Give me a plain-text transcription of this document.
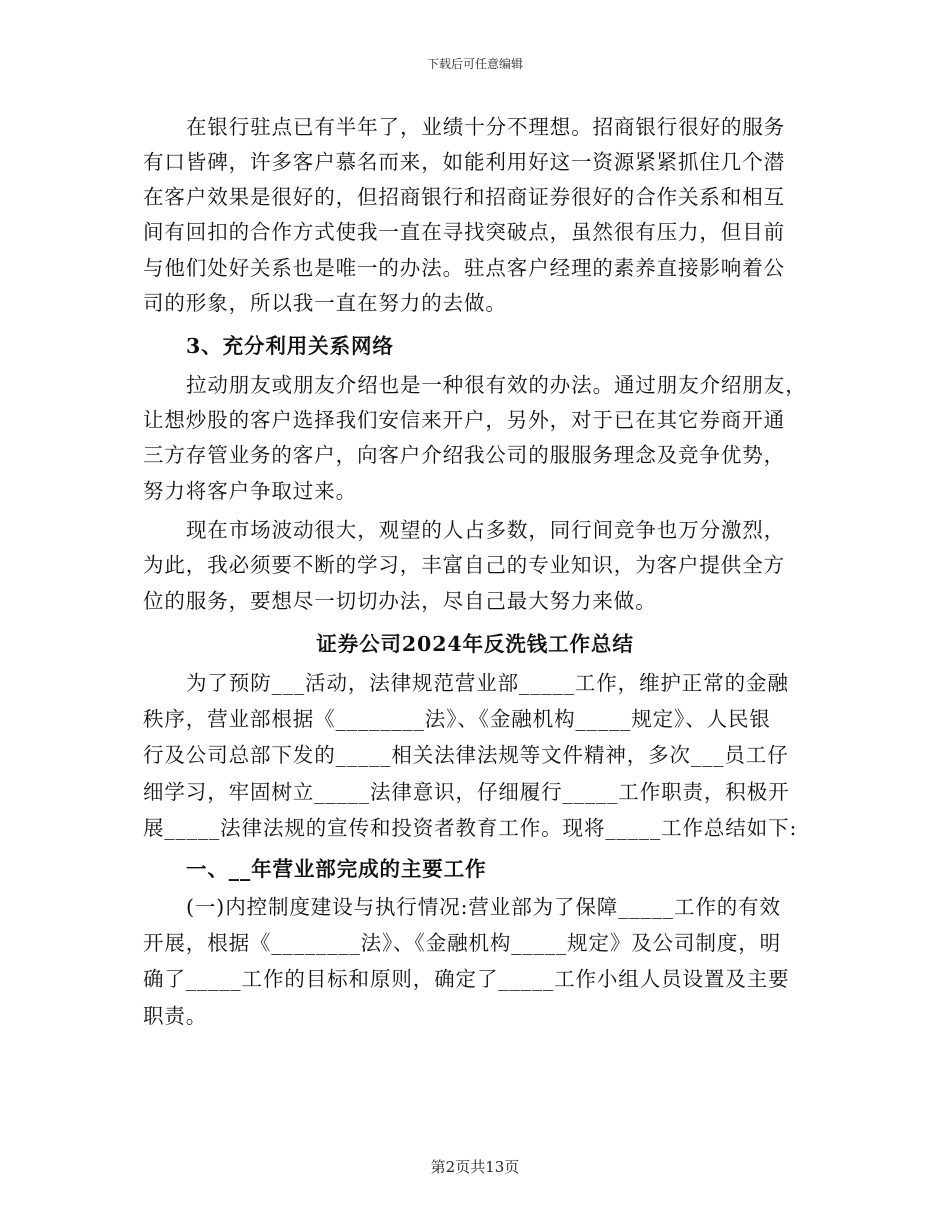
下载后可任意编辑
在银行驻点已有半年了，业绩十分不理想。招商银行很好的服务
有口皆碑，许多客户慕名而来，如能利用好这一资源紧紧抓住几个潜
在客户效果是很好的，但招商银行和招商证券很好的合作关系和相互
间有回扣的合作方式使我一直在寻找突破点，虽然很有压力，但目前
与他们处好关系也是唯一的办法。驻点客户经理的素养直接影响着公
司的形象，所以我一直在努力的去做。
3、充分利用关系网络
拉动朋友或朋友介绍也是一种很有效的办法。通过朋友介绍朋友，
让想炒股的客户选择我们安信来开户，另外，对于已在其它券商开通
三方存管业务的客户，向客户介绍我公司的服服务理念及竞争优势，
努力将客户争取过来。
现在市场波动很大，观望的人占多数，同行间竞争也万分激烈，
为此，我必须要不断的学习，丰富自己的专业知识，为客户提供全方
位的服务，要想尽一切切办法，尽自己最大努力来做。
证券公司2024年反洗钱工作总结
为了预防___活动，法律规范营业部_____工作，维护正常的金融
秩序，营业部根据《________法》、《金融机构_____规定》、人民银
行及公司总部下发的_____相关法律法规等文件精神，多次___员工仔
细学习，牢固树立_____法律意识，仔细履行_____工作职责，积极开
展_____法律法规的宣传和投资者教育工作。现将_____工作总结如下:
一、__年营业部完成的主要工作
(一)内控制度建设与执行情况:营业部为了保障_____工作的有效
开展，根据《________法》、《金融机构_____规定》及公司制度，明
确了_____工作的目标和原则，确定了_____工作小组人员设置及主要
职责。
第2页共13页
